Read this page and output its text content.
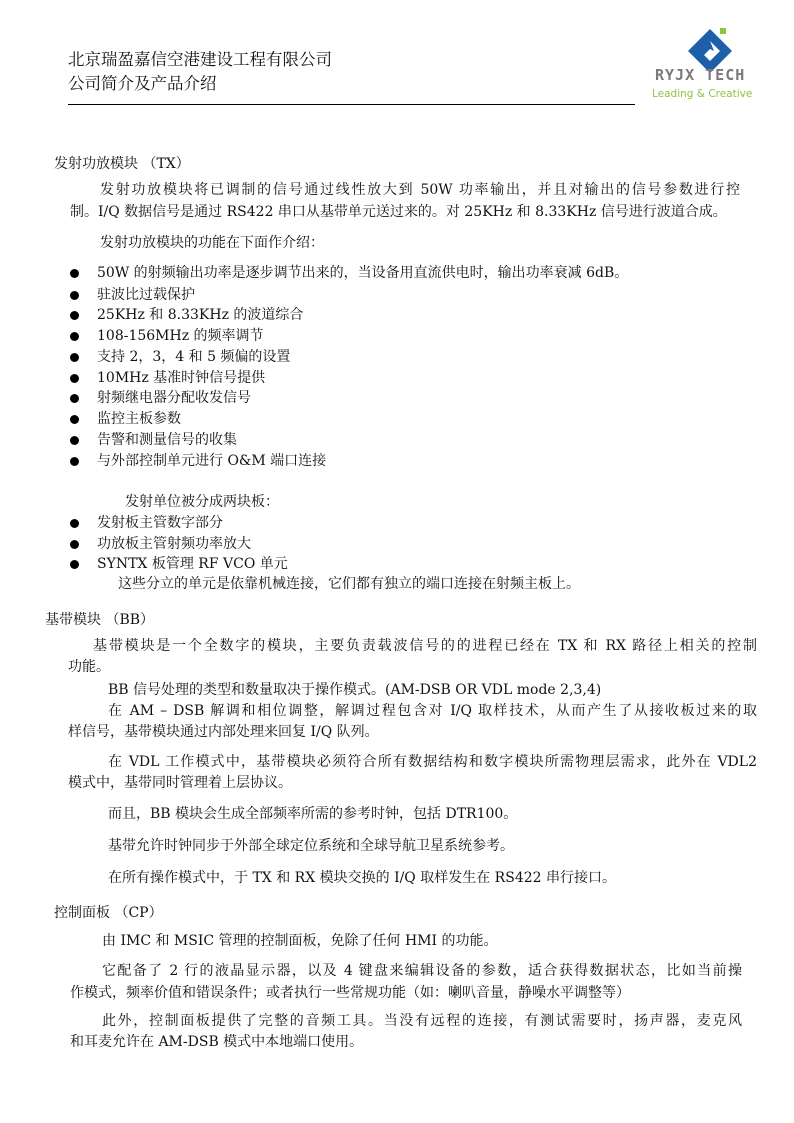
北京瑞盈嘉信空港建设工程有限公司
公司简介及产品介绍	RYJX TECH
Leading & Creative
发射功放模块 （TX）
发射功放模块将已调制的信号通过线性放大到 50W 功率输出，并且对输出的信号参数进行控
制。I/Q 数据信号是通过 RS422 串口从基带单元送过来的。对 25KHz 和 8.33KHz 信号进行波道合成。
发射功放模块的功能在下面作介绍：
50W 的射频输出功率是逐步调节出来的，当设备用直流供电时，输出功率衰减 6dB。
驻波比过载保护
25KHz 和 8.33KHz 的波道综合
108-156MHz 的频率调节
支持 2，3，4 和 5 频偏的设置
10MHz 基准时钟信号提供
射频继电器分配收发信号
监控主板参数
告警和测量信号的收集
与外部控制单元进行 O&M 端口连接
发射单位被分成两块板：
发射板主管数字部分
功放板主管射频功率放大
SYNTX 板管理 RF VCO 单元
这些分立的单元是依靠机械连接，它们都有独立的端口连接在射频主板上。
基带模块 （BB）
基带模块是一个全数字的模块，主要负责载波信号的的进程已经在 TX 和 RX 路径上相关的控制
功能。
BB 信号处理的类型和数量取决于操作模式。(AM-DSB OR VDL mode 2,3,4)
在 AM – DSB 解调和相位调整，解调过程包含对 I/Q 取样技术，从而产生了从接收板过来的取
样信号，基带模块通过内部处理来回复 I/Q 队列。
在 VDL 工作模式中，基带模块必须符合所有数据结构和数字模块所需物理层需求，此外在 VDL2
模式中，基带同时管理着上层协议。
而且，BB 模块会生成全部频率所需的参考时钟，包括 DTR100。
基带允许时钟同步于外部全球定位系统和全球导航卫星系统参考。
在所有操作模式中，于 TX 和 RX 模块交换的 I/Q 取样发生在 RS422 串行接口。
控制面板 （CP）
由 IMC 和 MSIC 管理的控制面板，免除了任何 HMI 的功能。
它配备了 2 行的液晶显示器，以及 4 键盘来编辑设备的参数，适合获得数据状态，比如当前操
作模式，频率价值和错误条件；或者执行一些常规功能（如：喇叭音量，静噪水平调整等）
此外，控制面板提供了完整的音频工具。当没有远程的连接，有测试需要时，扬声器，麦克风
和耳麦允许在 AM-DSB 模式中本地端口使用。
